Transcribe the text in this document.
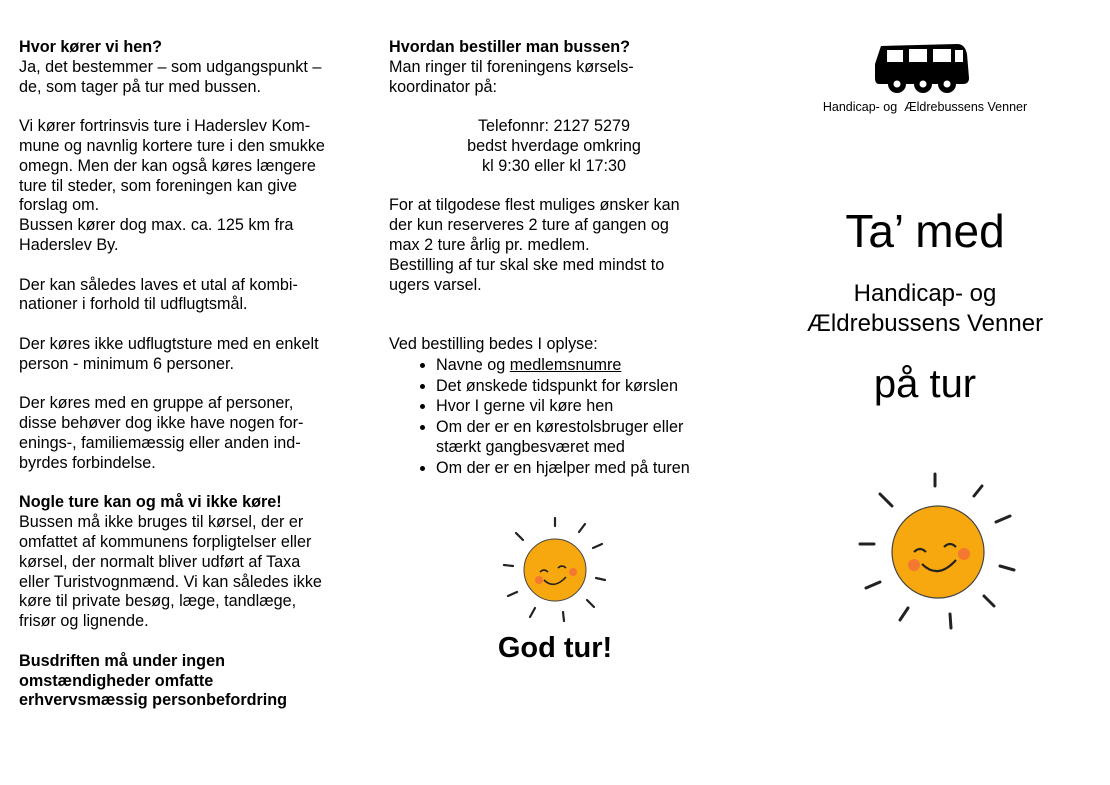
Hvor kører vi hen?

Ja, det bestemmer – som udgangspunkt –

de, som tager på tur med bussen.

Vi kører fortrinsvis ture i Haderslev Kom-

mune og navnlig kortere ture i den smukke

omegn. Men der kan også køres længere

ture til steder, som foreningen kan give

forslag om.

Bussen kører dog max. ca. 125 km fra

Haderslev By.

Der kan således laves et utal af kombi-

nationer i forhold til udflugtsmål.

Der køres ikke udflugtsture med en enkelt

person - minimum 6 personer.

Der køres med en gruppe af personer,

disse behøver dog ikke have nogen for-

enings-, familiemæssig eller anden ind-

byrdes forbindelse.

Nogle ture kan og må vi ikke køre!

Bussen må ikke bruges til kørsel, der er

omfattet af kommunens forpligtelser eller

kørsel, der normalt bliver udført af Taxa

eller Turistvognmænd. Vi kan således ikke

køre til private besøg, læge, tandlæge,

frisør og lignende.

Busdriften må under ingen

omstændigheder omfatte

erhvervsmæssig personbefordring

Hvordan bestiller man bussen?

Man ringer til foreningens kørsels-

koordinator på:

Telefonnr: 2127 5279

bedst hverdage omkring

kl 9:30 eller kl 17:30

For at tilgodese flest muliges ønsker kan

der kun reserveres 2 ture af gangen og

max 2 ture årlig pr. medlem.

Bestilling af tur skal ske med mindst to

ugers varsel.

Ved bestilling bedes I oplyse:

• Navne og medlemsnumre
• Det ønskede tidspunkt for kørslen
• Hvor I gerne vil køre hen
• Om der er en kørestolsbruger eller
stærkt gangbesværet med
• Om der er en hjælper med på turen
God tur!
Handicap- og  Ældrebussens Venner
Ta’ med
Handicap- og
Ældrebussens Venner
på tur
